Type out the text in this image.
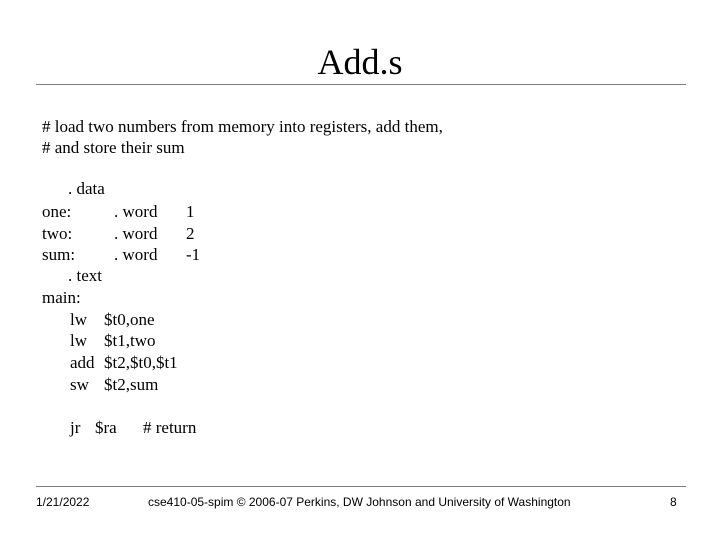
Add.s
# load two numbers from memory into registers, add them,
# and store their sum
. data
one:	. word 1
two: . word 2
sum: . word -1
. text
main:
lw $t0,one
lw $t1,two
add $t2,$t0,$t1
sw $t2,sum
jr $ra # return
1/21/2022	cse410-05-spim © 2006-07 Perkins, DW Johnson and University of Washington	8
